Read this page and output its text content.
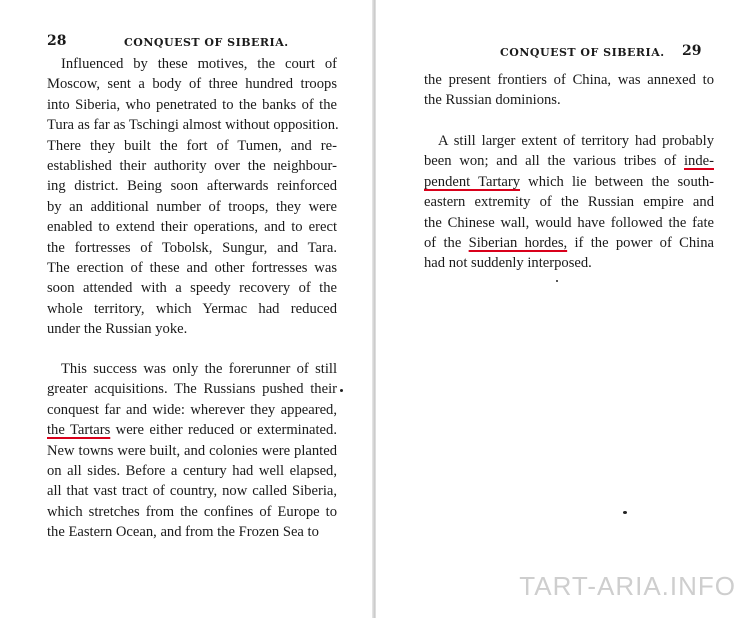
28	CONQUEST OF SIBERIA.
Influenced by these motives, the court of
Moscow, sent a body of three hundred troops
into Siberia, who penetrated to the banks of the
Tura as far as Tschingi almost without opposition.
There they built the fort of Tumen, and re-
established their authority over the neighbour-
ing district. Being soon afterwards reinforced
by an additional number of troops, they were
enabled to extend their operations, and to erect
the fortresses of Tobolsk, Sungur, and Tara.
The erection of these and other fortresses was
soon attended with a speedy recovery of the
whole territory, which Yermac had reduced
under the Russian yoke.
This success was only the forerunner of still
greater acquisitions. The Russians pushed their
conquest far and wide: wherever they appeared,
the Tartars were either reduced or exterminated.
New towns were built, and colonies were planted
on all sides. Before a century had well elapsed,
all that vast tract of country, now called Siberia,
which stretches from the confines of Europe to
the Eastern Ocean, and from the Frozen Sea to
CONQUEST OF SIBERIA. 29
the present frontiers of China, was annexed to
the Russian dominions.
A still larger extent of territory had probably
been won; and all the various tribes of inde-
pendent Tartary which lie between the south-
eastern extremity of the Russian empire and
the Chinese wall, would have followed the fate
of the Siberian hordes, if the power of China
had not suddenly interposed.
TART-ARIA.INFO
